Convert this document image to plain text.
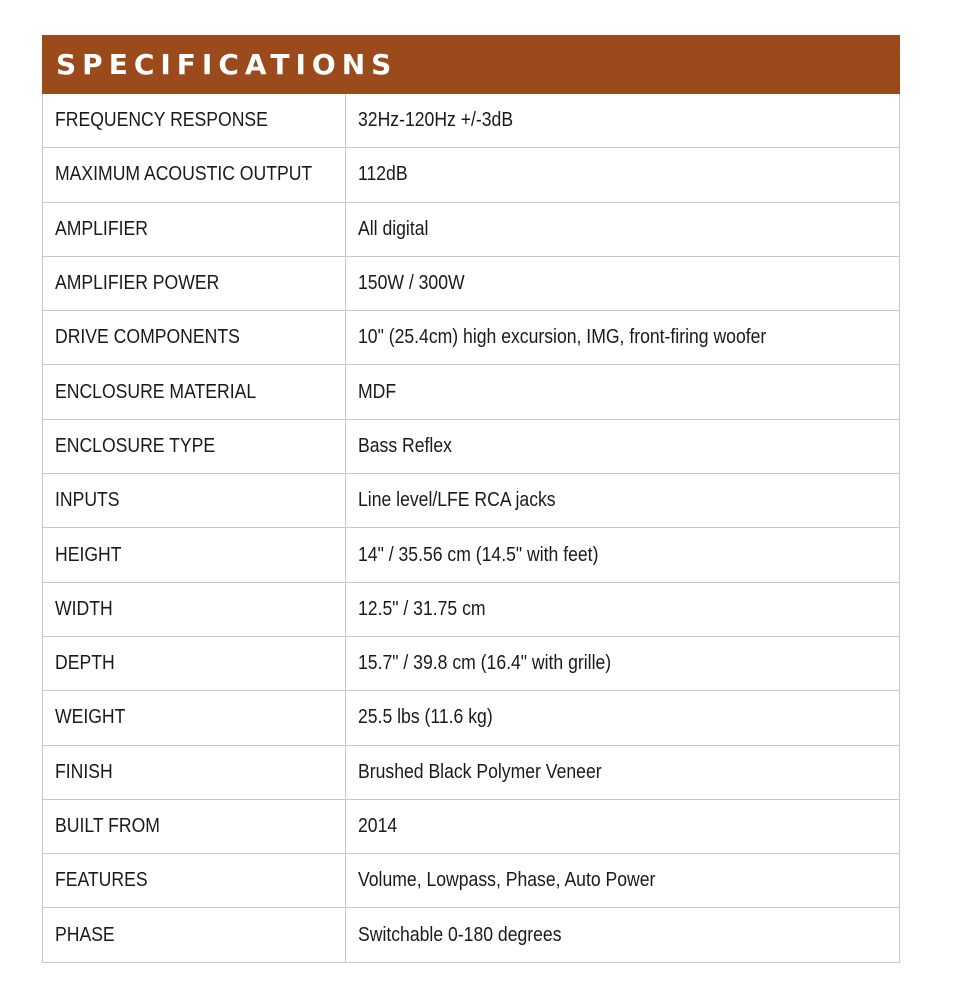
SPECIFICATIONS
FREQUENCY RESPONSE	32Hz-120Hz +/-3dB
MAXIMUM ACOUSTIC OUTPUT 112dB
AMPLIFIER	All digital
AMPLIFIER POWER	150W / 300W
DRIVE COMPONENTS	10" (25.4cm) high excursion, IMG, front-firing woofer
ENCLOSURE MATERIAL	MDF
ENCLOSURE TYPE	Bass Reflex
INPUTS	Line level/LFE RCA jacks
HEIGHT	14" / 35.56 cm (14.5" with feet)
WIDTH	12.5" / 31.75 cm
DEPTH	15.7" / 39.8 cm (16.4" with grille)
WEIGHT	25.5 lbs (11.6 kg)
FINISH	Brushed Black Polymer Veneer
BUILT FROM	2014
FEATURES	Volume, Lowpass, Phase, Auto Power
PHASE	Switchable 0-180 degrees
